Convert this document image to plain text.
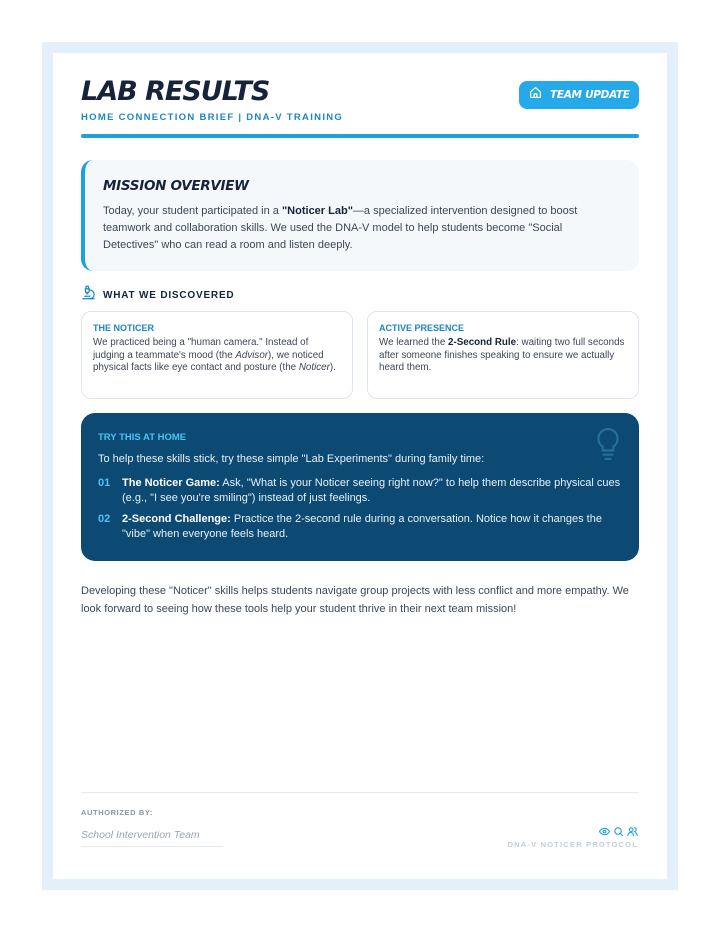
LAB RESULTS
HOME CONNECTION BRIEF | DNA-V TRAINING
TEAM UPDATE
MISSION OVERVIEW

Today, your student participated in a "Noticer Lab"—a specialized intervention designed to boost teamwork and collaboration skills. We used the DNA-V model to help students become "Social Detectives" who can read a room and listen deeply.

WHAT WE DISCOVERED
THE NOTICER

We practiced being a "human camera." Instead of judging a teammate's mood (the Advisor), we noticed physical facts like eye contact and posture (the Noticer).

ACTIVE PRESENCE

We learned the 2-Second Rule: waiting two full seconds after someone finishes speaking to ensure we actually heard them.

TRY THIS AT HOME
To help these skills stick, try these simple "Lab Experiments" during family time:
01	The Noticer Game: Ask, "What is your Noticer seeing right now?" to help them describe physical cues (e.g., "I see you're smiling") instead of just feelings.
02	2-Second Challenge: Practice the 2-second rule during a conversation. Notice how it changes the "vibe" when everyone feels heard.
Developing these "Noticer" skills helps students navigate group projects with less conflict and more empathy. We look forward to seeing how these tools help your student thrive in their next team mission!
AUTHORIZED BY:
School Intervention Team
DNA-V NOTICER PROTOCOL
